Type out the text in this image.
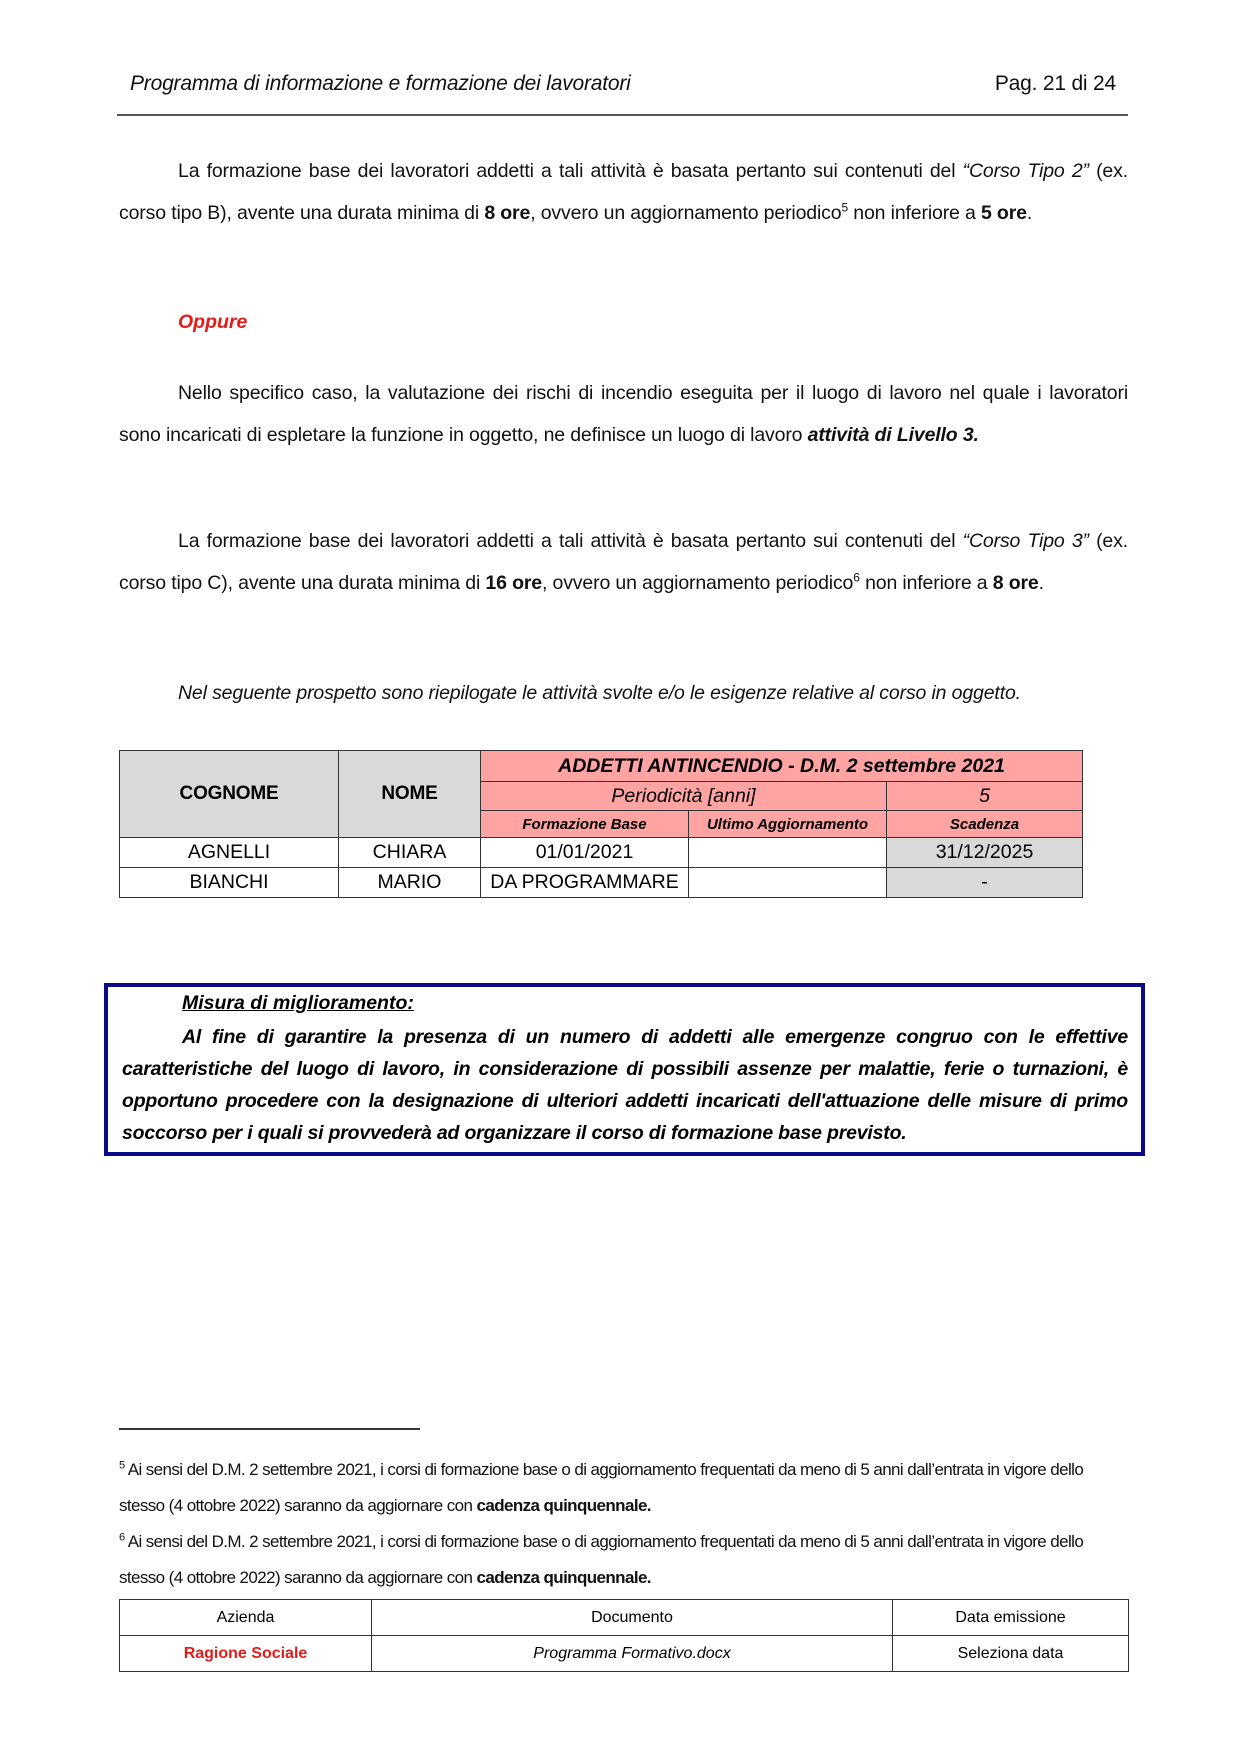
Programma di informazione e formazione dei lavoratori	Pag. 21 di 24
La formazione base dei lavoratori addetti a tali attività è basata pertanto sui contenuti del “Corso Tipo 2” (ex. corso tipo B), avente una durata minima di 8 ore, ovvero un aggiornamento periodico$^5$ non inferiore a 5 ore.
Oppure
Nello specifico caso, la valutazione dei rischi di incendio eseguita per il luogo di lavoro nel quale i lavoratori sono incaricati di espletare la funzione in oggetto, ne definisce un luogo di lavoro attività di Livello 3.
La formazione base dei lavoratori addetti a tali attività è basata pertanto sui contenuti del “Corso Tipo 3” (ex. corso tipo C), avente una durata minima di 16 ore, ovvero un aggiornamento periodico$^6$ non inferiore a 8 ore.
Nel seguente prospetto sono riepilogate le attività svolte e/o le esigenze relative al corso in oggetto.
COGNOME	NOME	ADDETTI ANTINCENDIO - D.M. 2 settembre 2021		
		Periodicità [anni]		5
		Formazione Base	Ultimo Aggiornamento	Scadenza
AGNELLI	CHIARA	01/01/2021		31/12/2025
BIANCHI	MARIO	DA PROGRAMMARE		-
Misura di miglioramento:
Al fine di garantire la presenza di un numero di addetti alle emergenze congruo con le effettive caratteristiche del luogo di lavoro, in considerazione di possibili assenze per malattie, ferie o turnazioni, è opportuno procedere con la designazione di ulteriori addetti incaricati dell'attuazione delle misure di primo soccorso per i quali si provvederà ad organizzare il corso di formazione base previsto.
$^5$ Ai sensi del D.M. 2 settembre 2021, i corsi di formazione base o di aggiornamento frequentati da meno di 5 anni dall’entrata in vigore dello stesso (4 ottobre 2022) saranno da aggiornare con cadenza quinquennale.
$^6$ Ai sensi del D.M. 2 settembre 2021, i corsi di formazione base o di aggiornamento frequentati da meno di 5 anni dall’entrata in vigore dello stesso (4 ottobre 2022) saranno da aggiornare con cadenza quinquennale.
Azienda	Documento	Data emissione
Ragione Sociale	Programma Formativo.docx	Seleziona data
